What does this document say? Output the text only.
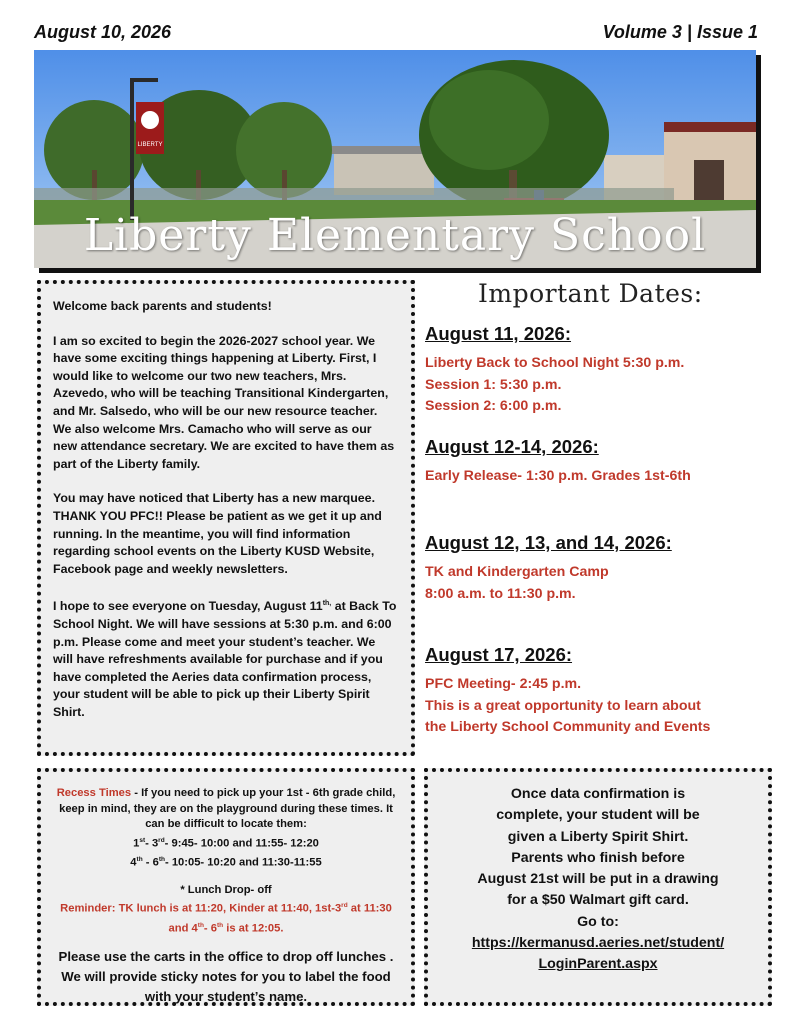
August 10, 2026	Volume 3 | Issue 1
LIBERTY
Liberty Elementary School

Welcome back parents and students!

I am so excited to begin the 2026-2027 school year. We have some exciting things happening at Liberty. First, I would like to welcome our two new teachers, Mrs. Azevedo, who will be teaching Transitional Kindergarten, and Mr. Salsedo, who will be our new resource teacher. We also welcome Mrs. Camacho who will serve as our new attendance secretary. We are excited to have them as part of the Liberty family.

You may have noticed that Liberty has a new marquee. THANK YOU PFC!! Please be patient as we get it up and running. In the meantime, you will find information regarding school events on the Liberty KUSD Website, Facebook page and weekly newsletters.

I hope to see everyone on Tuesday, August $11^{th,}$ at Back To School Night. We will have sessions at 5:30 p.m. and 6:00 p.m. Please come and meet your student’s teacher. We will have refreshments available for purchase and if you have completed the Aeries data confirmation process, your student will be able to pick up their Liberty Spirit Shirt.

Important Dates:
August 11, 2026:
Liberty Back to School Night 5:30 p.m.
Session 1: 5:30 p.m.
Session 2: 6:00 p.m.
August 12-14, 2026:
Early Release- 1:30 p.m. Grades 1st-6th
August 12, 13, and 14, 2026:
TK and Kindergarten Camp
8:00 a.m. to 11:30 p.m.
August 17, 2026:
PFC Meeting- 2:45 p.m.
This is a great opportunity to learn about
the Liberty School Community and Events

Recess Times - If you need to pick up your 1st - 6th grade child, keep in mind, they are on the playground during these times. It can be difficult to locate them:

1st- 3rd- 9:45- 10:00 and 11:55- 12:20

4th - 6th- 10:05- 10:20 and 11:30-11:55

* Lunch Drop- off

Reminder: TK lunch is at 11:20, Kinder at 11:40, 1st-3rd at 11:30 and 4th- 6th is at 12:05.

Please use the carts in the office to drop off lunches . We will provide sticky notes for you to label the food with your student’s name.

Once data confirmation is
complete, your student will be
given a Liberty Spirit Shirt.
Parents who finish before
August 21st will be put in a drawing
for a $50 Walmart gift card.
Go to:
https://kermanusd.aeries.net/student/
LoginParent.aspx
